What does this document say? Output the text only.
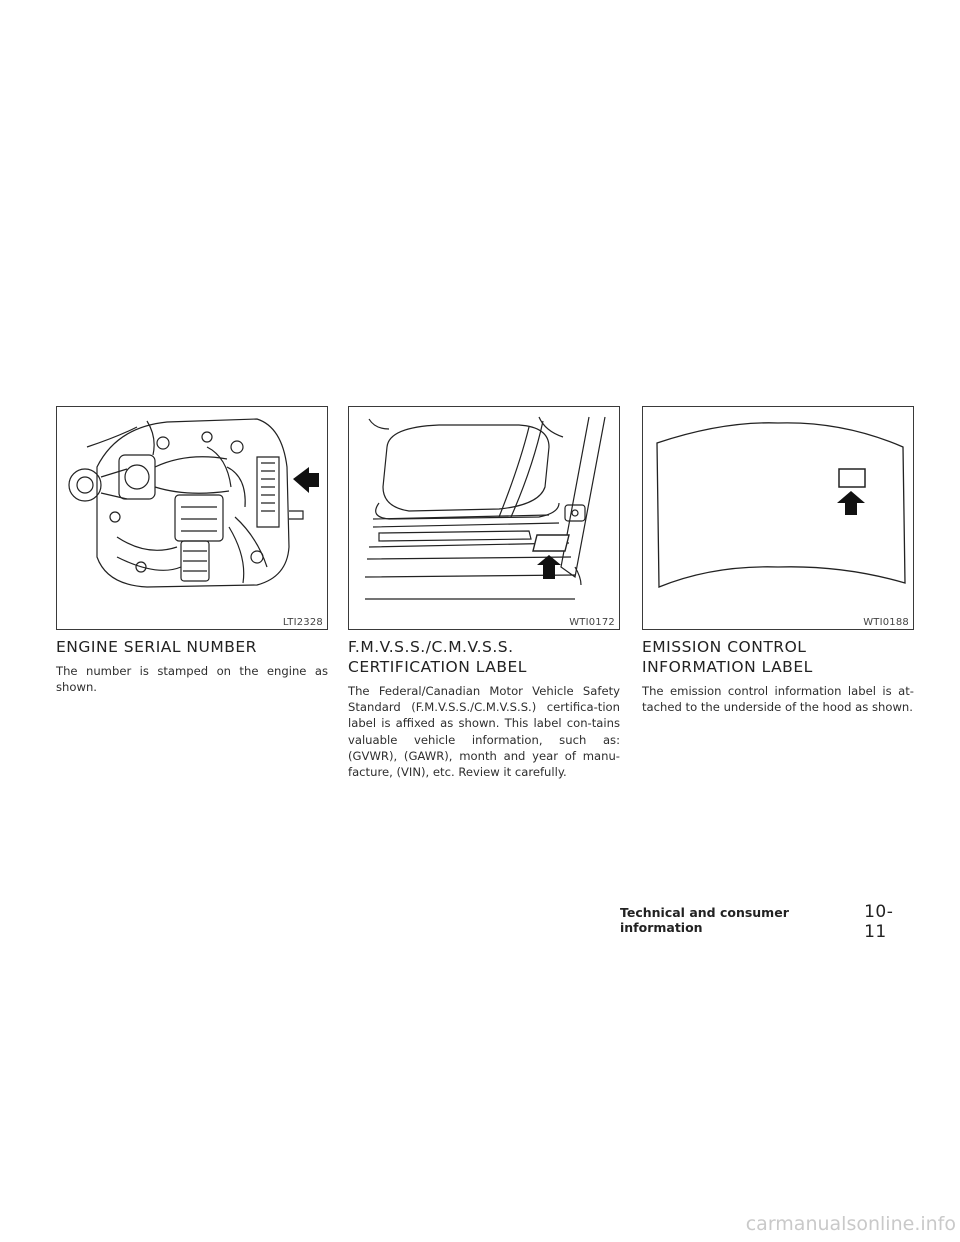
LTI2328
ENGINE SERIAL NUMBER

The number is stamped on the engine as shown.

WTI0172
F.M.V.S.S./C.M.V.S.S.
CERTIFICATION LABEL

The Federal/Canadian Motor Vehicle Safety Standard (F.M.V.S.S./C.M.V.S.S.) certifica-tion label is affixed as shown. This label con-tains valuable vehicle information, such as: (GVWR), (GAWR), month and year of manu-facture, (VIN), etc. Review it carefully.

WTI0188
EMISSION CONTROL
INFORMATION LABEL

The emission control information label is at-tached to the underside of the hood as shown.

Technical and consumer information
10-11
carmanualsonline.info
